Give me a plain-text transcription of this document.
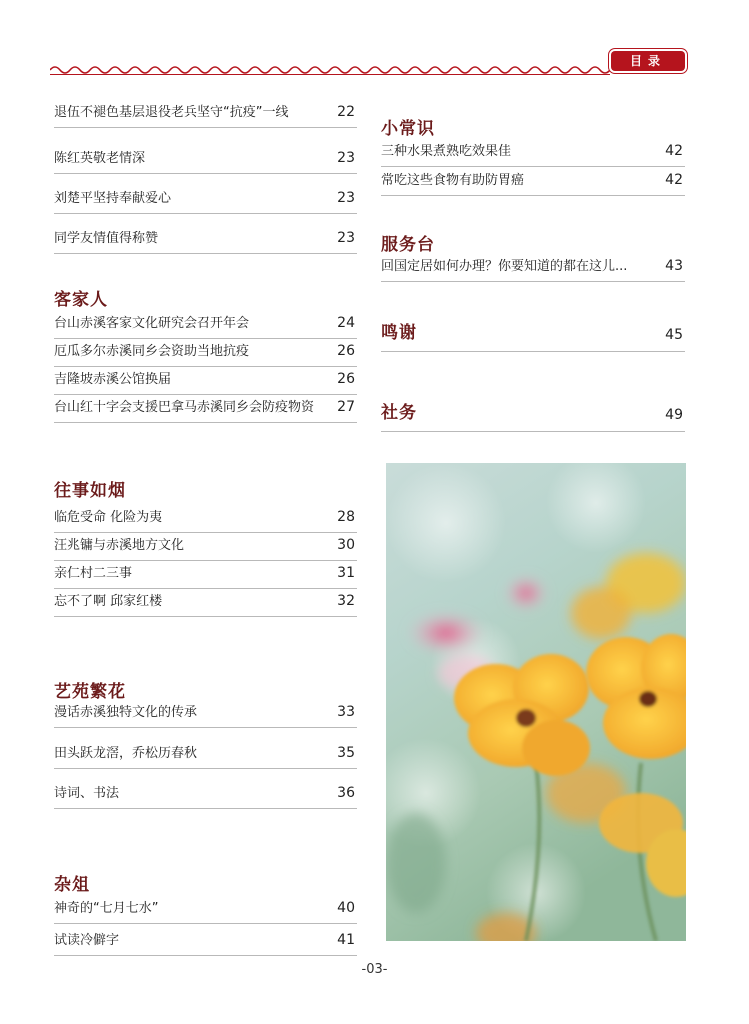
目录
退伍不褪色基层退役老兵坚守“抗疫”一线	22
陈红英敬老情深	23
刘楚平坚持奉献爱心	23
同学友情值得称赞	23
客家人
台山赤溪客家文化研究会召开年会	24
厄瓜多尔赤溪同乡会资助当地抗疫	26
吉隆坡赤溪公馆换届	26
台山红十字会支援巴拿马赤溪同乡会防疫物资 27
往事如烟
临危受命 化险为夷	28
汪兆镛与赤溪地方文化	30
亲仁村二三事	31
忘不了啊 邱家红楼	32
艺苑繁花
漫话赤溪独特文化的传承	33
田头跃龙滘，乔松历春秋	35
诗词、书法	36
杂俎
神奇的“七月七水”	40
试读冷僻字	41
小常识
三种水果煮熟吃效果佳	42
常吃这些食物有助防胃癌	42
服务台
回国定居如何办理？你要知道的都在这儿...	43
鸣谢	45
社务	49
-03-
